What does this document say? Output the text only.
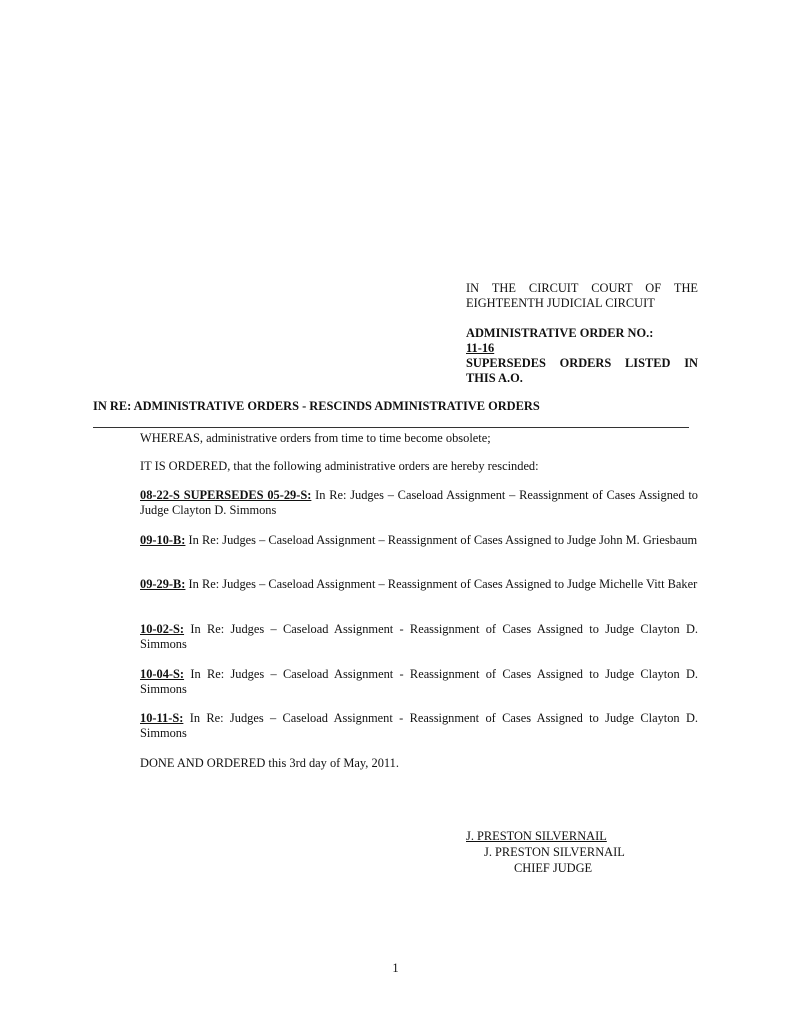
IN THE CIRCUIT COURT OF THE
EIGHTEENTH JUDICIAL CIRCUIT
ADMINISTRATIVE ORDER NO.:
11-16
SUPERSEDES ORDERS LISTED IN
THIS A.O.
IN RE: ADMINISTRATIVE ORDERS - RESCINDS ADMINISTRATIVE ORDERS
WHEREAS, administrative orders from time to time become obsolete;
IT IS ORDERED, that the following administrative orders are hereby rescinded:
08-22-S SUPERSEDES 05-29-S: In Re: Judges – Caseload Assignment – Reassignment of Cases Assigned to Judge Clayton D. Simmons
09-10-B: In Re: Judges – Caseload Assignment – Reassignment of Cases Assigned to Judge John M. Griesbaum
09-29-B: In Re: Judges – Caseload Assignment – Reassignment of Cases Assigned to Judge Michelle Vitt Baker
10-02-S: In Re: Judges – Caseload Assignment - Reassignment of Cases Assigned to Judge Clayton D. Simmons
10-04-S: In Re: Judges – Caseload Assignment - Reassignment of Cases Assigned to Judge Clayton D. Simmons
10-11-S: In Re: Judges – Caseload Assignment - Reassignment of Cases Assigned to Judge Clayton D. Simmons
DONE AND ORDERED this 3rd day of May, 2011.
J. PRESTON SILVERNAIL
J. PRESTON SILVERNAIL
CHIEF JUDGE
1
